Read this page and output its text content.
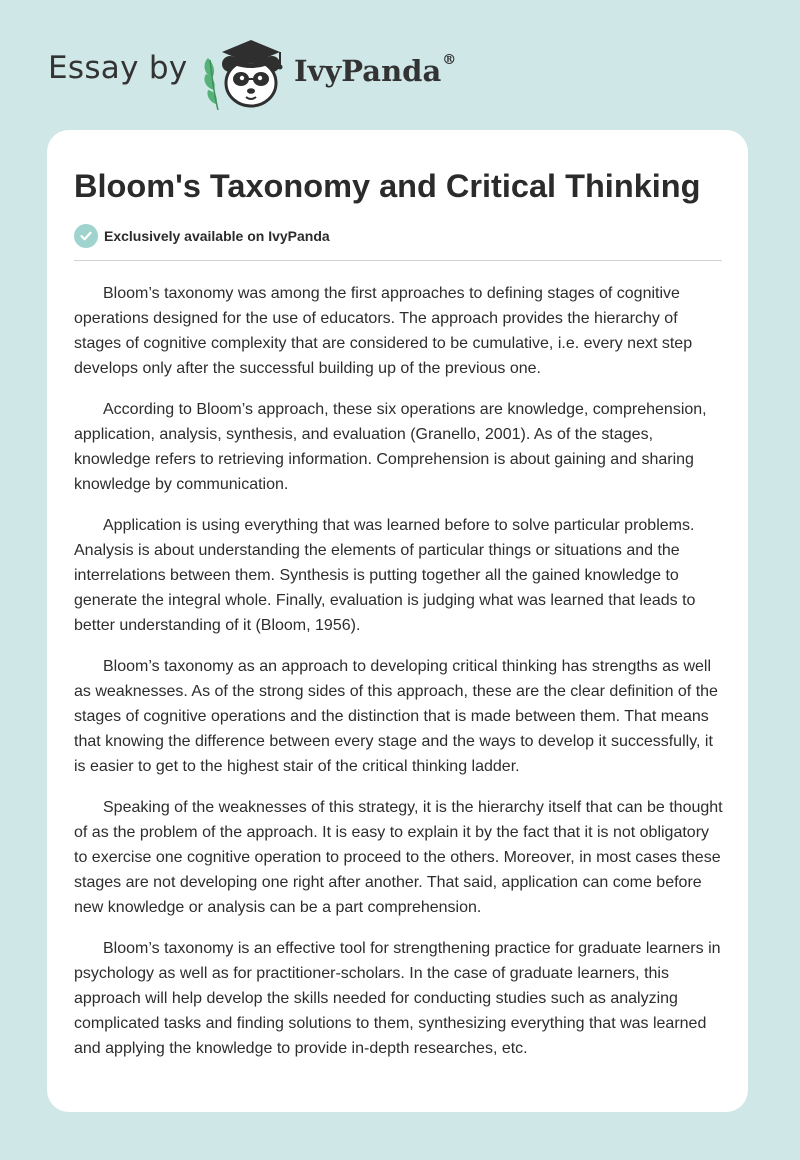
Essay by	IvyPanda®
Bloom's Taxonomy and Critical Thinking
Exclusively available on IvyPanda

Bloom’s taxonomy was among the first approaches to defining stages of cognitive operations designed for the use of educators. The approach provides the hierarchy of stages of cognitive complexity that are considered to be cumulative, i.e. every next step develops only after the successful building up of the previous one.

According to Bloom’s approach, these six operations are knowledge, comprehension, application, analysis, synthesis, and evaluation (Granello, 2001). As of the stages, knowledge refers to retrieving information. Comprehension is about gaining and sharing knowledge by communication.

Application is using everything that was learned before to solve particular problems. Analysis is about understanding the elements of particular things or situations and the interrelations between them. Synthesis is putting together all the gained knowledge to generate the integral whole. Finally, evaluation is judging what was learned that leads to better understanding of it (Bloom, 1956).

Bloom’s taxonomy as an approach to developing critical thinking has strengths as well as weaknesses. As of the strong sides of this approach, these are the clear definition of the stages of cognitive operations and the distinction that is made between them. That means that knowing the difference between every stage and the ways to develop it successfully, it is easier to get to the highest stair of the critical thinking ladder.

Speaking of the weaknesses of this strategy, it is the hierarchy itself that can be thought of as the problem of the approach. It is easy to explain it by the fact that it is not obligatory to exercise one cognitive operation to proceed to the others. Moreover, in most cases these stages are not developing one right after another. That said, application can come before new knowledge or analysis can be a part comprehension.

Bloom’s taxonomy is an effective tool for strengthening practice for graduate learners in psychology as well as for practitioner-scholars. In the case of graduate learners, this approach will help develop the skills needed for conducting studies such as analyzing complicated tasks and finding solutions to them, synthesizing everything that was learned and applying the knowledge to provide in-depth researches, etc.
